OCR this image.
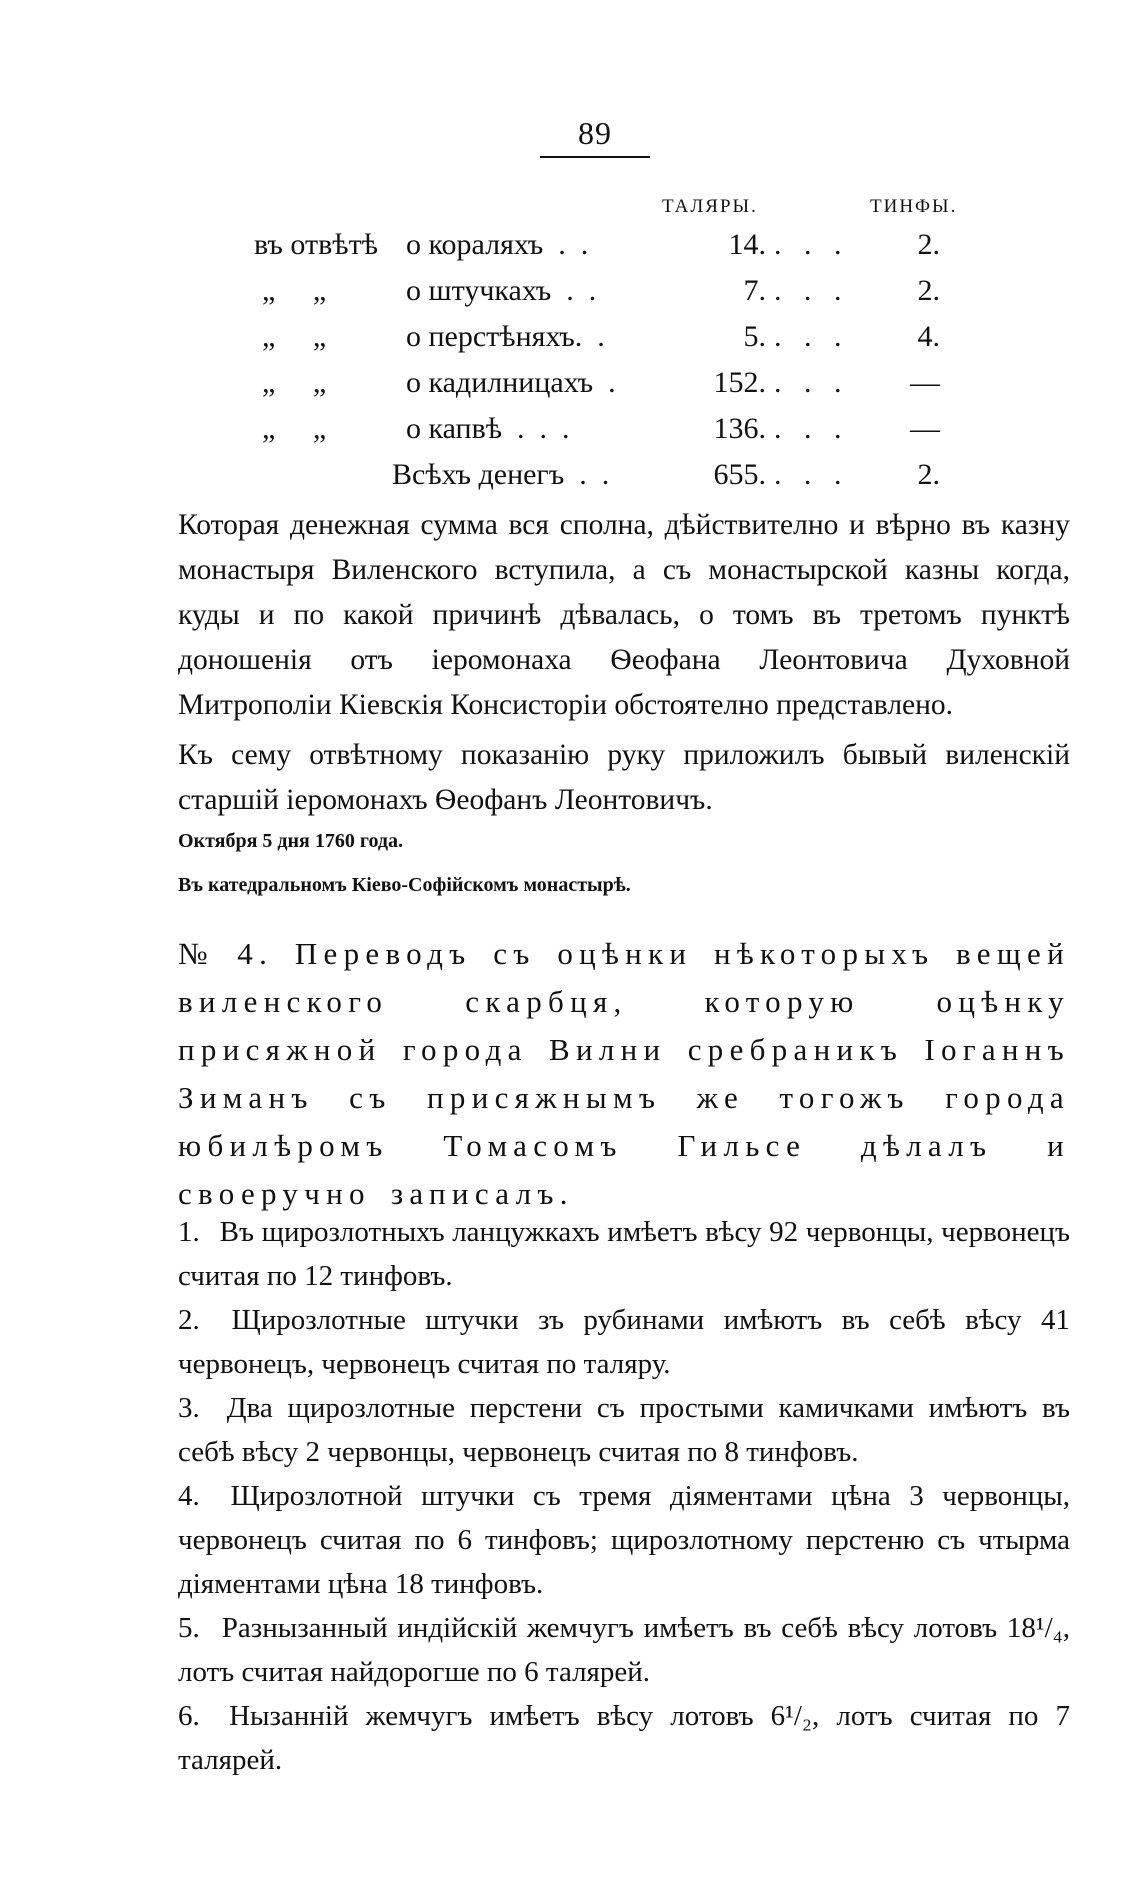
89
ТАЛЯРЫ.	ТИНФЫ.
въ отвѣтѣ о кораляхъ  .  .	14. .   .   .	2.
„     „	о штучкахъ  .  .	7. .   .   .	2.
„     „	о перстѣняхъ.  .	5. .   .   .	4.
„     „	о кадилницахъ  .	152. .   .   .	—
„     „	о капвѣ  .  .  .	136. .   .   .	—
Всѣхъ денегъ  .  .	655. .   .   .	2.

Которая денежная сумма вся сполна, дѣйствително и вѣрно въ казну монастыря Виленского вступила, а съ монастырской казны когда, куды и по какой причинѣ дѣвалась, о томъ въ третомъ пунктѣ доношенія отъ іеромонаха Ѳеофана Леонтовича Духовной Митрополіи Кіевскія Консисторіи обстоятелно представлено.

Къ сему отвѣтному показанію руку приложилъ бывый виленскій старшій іеромонахъ Ѳеофанъ Леонтовичъ.

Октября 5 дня 1760 года.
Въ катедральномъ Кіево-Софійскомъ монастырѣ.
№ 4. Переводъ съ оцѣнки нѣкоторыхъ вещей виленского скарбця, которую оцѣнку присяжной города Вилни сребраникъ Іоганнъ Зиманъ съ присяжнымъ же тогожъ города юбилѣромъ Томасомъ Гильсе дѣлалъ и своеручно записалъ.
1. Въ щирозлотныхъ ланцужкахъ имѣетъ вѣсу 92 червонцы, червонецъ считая по 12 тинфовъ.
2. Щирозлотные штучки зъ рубинами имѣютъ въ себѣ вѣсу 41 червонецъ, червонецъ считая по таляру.
3. Два щирозлотные перстени съ простыми камичками имѣютъ въ себѣ вѣсу 2 червонцы, червонецъ считая по 8 тинфовъ.
4. Щирозлотной штучки съ тремя діяментами цѣна 3 червонцы, червонецъ считая по 6 тинфовъ; щирозлотному перстеню съ чтырма діяментами цѣна 18 тинфовъ.
5. Разнызанный индійскій жемчугъ имѣетъ въ себѣ вѣсу лотовъ 18¹/₄, лотъ считая найдорогше по 6 талярей.
6. Нызанній жемчугъ имѣетъ вѣсу лотовъ 6¹/₂, лотъ считая по 7 талярей.
